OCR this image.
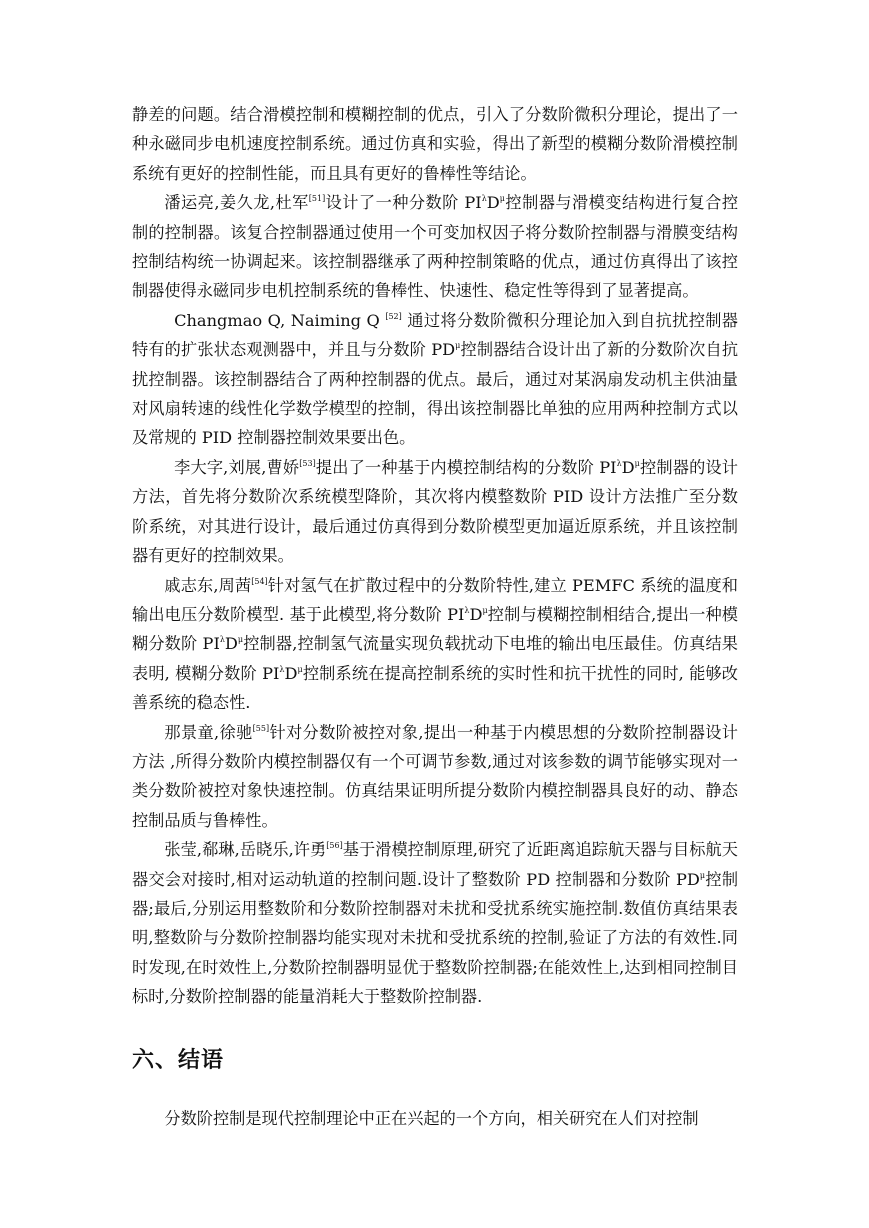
静差的问题。结合滑模控制和模糊控制的优点，引入了分数阶微积分理论，提出了一种永磁同步电机速度控制系统。通过仿真和实验，得出了新型的模糊分数阶滑模控制系统有更好的控制性能，而且具有更好的鲁棒性等结论。

潘运亮,姜久龙,杜军[51]设计了一种分数阶 $PI^\lambda D^\mu$控制器与滑模变结构进行复合控制的控制器。该复合控制器通过使用一个可变加权因子将分数阶控制器与滑膜变结构控制结构统一协调起来。该控制器继承了两种控制策略的优点，通过仿真得出了该控制器使得永磁同步电机控制系统的鲁棒性、快速性、稳定性等得到了显著提高。

Changmao Q, Naiming Q [52] 通过将分数阶微积分理论加入到自抗扰控制器特有的扩张状态观测器中，并且与分数阶 $PD^\mu$控制器结合设计出了新的分数阶次自抗扰控制器。该控制器结合了两种控制器的优点。最后，通过对某涡扇发动机主供油量对风扇转速的线性化学数学模型的控制，得出该控制器比单独的应用两种控制方式以及常规的 PID 控制器控制效果要出色。

李大字,刘展,曹娇[53]提出了一种基于内模控制结构的分数阶 $PI^\lambda D^\mu$控制器的设计方法，首先将分数阶次系统模型降阶，其次将内模整数阶 PID 设计方法推广至分数阶系统，对其进行设计，最后通过仿真得到分数阶模型更加逼近原系统，并且该控制器有更好的控制效果。

戚志东,周茜[54]针对氢气在扩散过程中的分数阶特性,建立 PEMFC 系统的温度和输出电压分数阶模型. 基于此模型,将分数阶 $PI^\lambda D^\mu$控制与模糊控制相结合,提出一种模糊分数阶 $PI^\lambda D^\mu$控制器,控制氢气流量实现负载扰动下电堆的输出电压最佳。仿真结果表明, 模糊分数阶 $PI^\lambda D^\mu$控制系统在提高控制系统的实时性和抗干扰性的同时, 能够改善系统的稳态性.

那景童,徐驰[55]针对分数阶被控对象,提出一种基于内模思想的分数阶控制器设计方法 ,所得分数阶内模控制器仅有一个可调节参数,通过对该参数的调节能够实现对一类分数阶被控对象快速控制。仿真结果证明所提分数阶内模控制器具良好的动、静态控制品质与鲁棒性。

张莹,郗琳,岳晓乐,许勇[56]基于滑模控制原理,研究了近距离追踪航天器与目标航天器交会对接时,相对运动轨道的控制问题.设计了整数阶 PD 控制器和分数阶 $PD^\mu$控制器;最后,分别运用整数阶和分数阶控制器对未扰和受扰系统实施控制.数值仿真结果表明,整数阶与分数阶控制器均能实现对未扰和受扰系统的控制,验证了方法的有效性.同时发现,在时效性上,分数阶控制器明显优于整数阶控制器;在能效性上,达到相同控制目标时,分数阶控制器的能量消耗大于整数阶控制器.

六、结语

分数阶控制是现代控制理论中正在兴起的一个方向，相关研究在人们对控制
